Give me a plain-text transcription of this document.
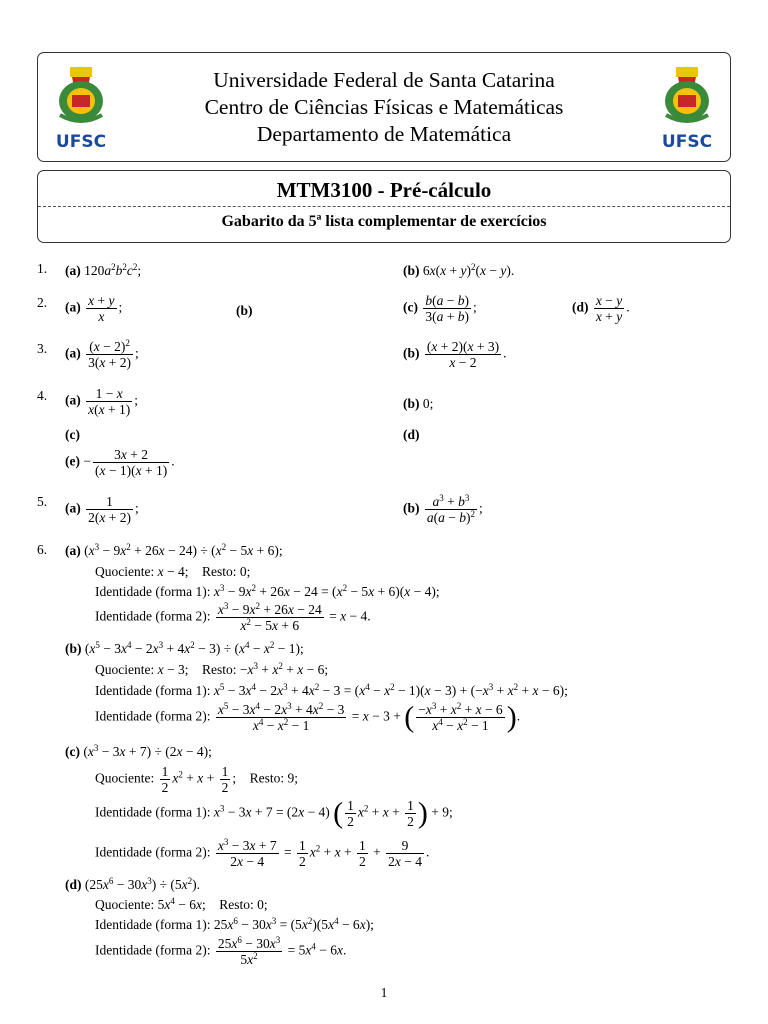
UFSC
Universidade Federal de Santa Catarina
Centro de Ciências Físicas e Matemáticas
Departamento de Matemática	UFSC
MTM3100 - Pré-cálculo
Gabarito da 5ª lista complementar de exercícios
1. (a) $120a^2b^2c^2$;	(b) $6x(x + y)^2(x - y)$.
2. $(a) \frac{x + y}{x}$ ;	(b)	$(c) \frac{b(a - b)}{3(a + b)}$ ;	$(d) \frac{x - y}{x + y}$ .
3. $(a) \frac{(x - 2)^2}{3(x + 2)}$ ;	$(b) \frac{(x + 2)(x + 3)}{x - 2}$ .
4. $(a) \frac{1 - x}{x(x + 1)}$ ;	(b) 0;
(c)	(d)
$(e) - \frac{3x + 2}{(x - 1)(x + 1)}$ .
5. $(a) \frac{1}{2(x + 2)}$ ;	$(b) \frac{a^3 + b^3}{a(a - b)^2}$ ;
6. (a) $(x^3 - 9x^2 + 26x - 24) \div (x^2 - 5x + 6)$;
Quociente: x − 4;    Resto: 0;
Identidade (forma 1): $x^3 - 9x^2 + 26x - 24 = (x^2 - 5x + 6)(x - 4)$;
Identidade (forma 2): $\frac{x^3 - 9x^2 + 26x - 24}{x^2 - 5x + 6} = x - 4$.
(b) $(x^5 - 3x^4 - 2x^3 + 4x^2 - 3) \div (x^4 - x^2 - 1)$;
Quociente: x − 3;    Resto: $-x^3 + x^2 + x - 6$;
Identidade (forma 1): $x^5 - 3x^4 - 2x^3 + 4x^2 - 3 = (x^4 - x^2 - 1)(x - 3) + (-x^3 + x^2 + x - 6)$;
Identidade (forma 2): $\frac{x^5 - 3x^4 - 2x^3 + 4x^2 - 3}{x^4 - x^2 - 1} = x - 3$ + ( $\frac{-x^3 + x^2 + x - 6}{x^4 - x^2 - 1}$ ).
(c) $(x^3 - 3x + 7) \div (2x - 4)$;
Quociente: $\frac{1}{2} x^2 + x + \frac{1}{2}$ ;    Resto: 9;
Identidade (forma 1): $x^3 - 3x + 7 = (2x - 4)$ ( $\frac{1}{2} x^2 + x + \frac{1}{2}$ ) + 9;
Identidade (forma 2): $\frac{x^3 - 3x + 7}{2x - 4} = \frac{1}{2} x^2 + x + \frac{1}{2} + \frac{9}{2x - 4}$ .
(d) $(25x^6 - 30x^3) \div (5x^2)$.
Quociente: $5x^4 - 6x$;    Resto: 0;
Identidade (forma 1): $25x^6 - 30x^3 = (5x^2)(5x^4 - 6x)$;
Identidade (forma 2): $\frac{25x^6 - 30x^3}{5x^2} = 5x^4 - 6x$.
1
